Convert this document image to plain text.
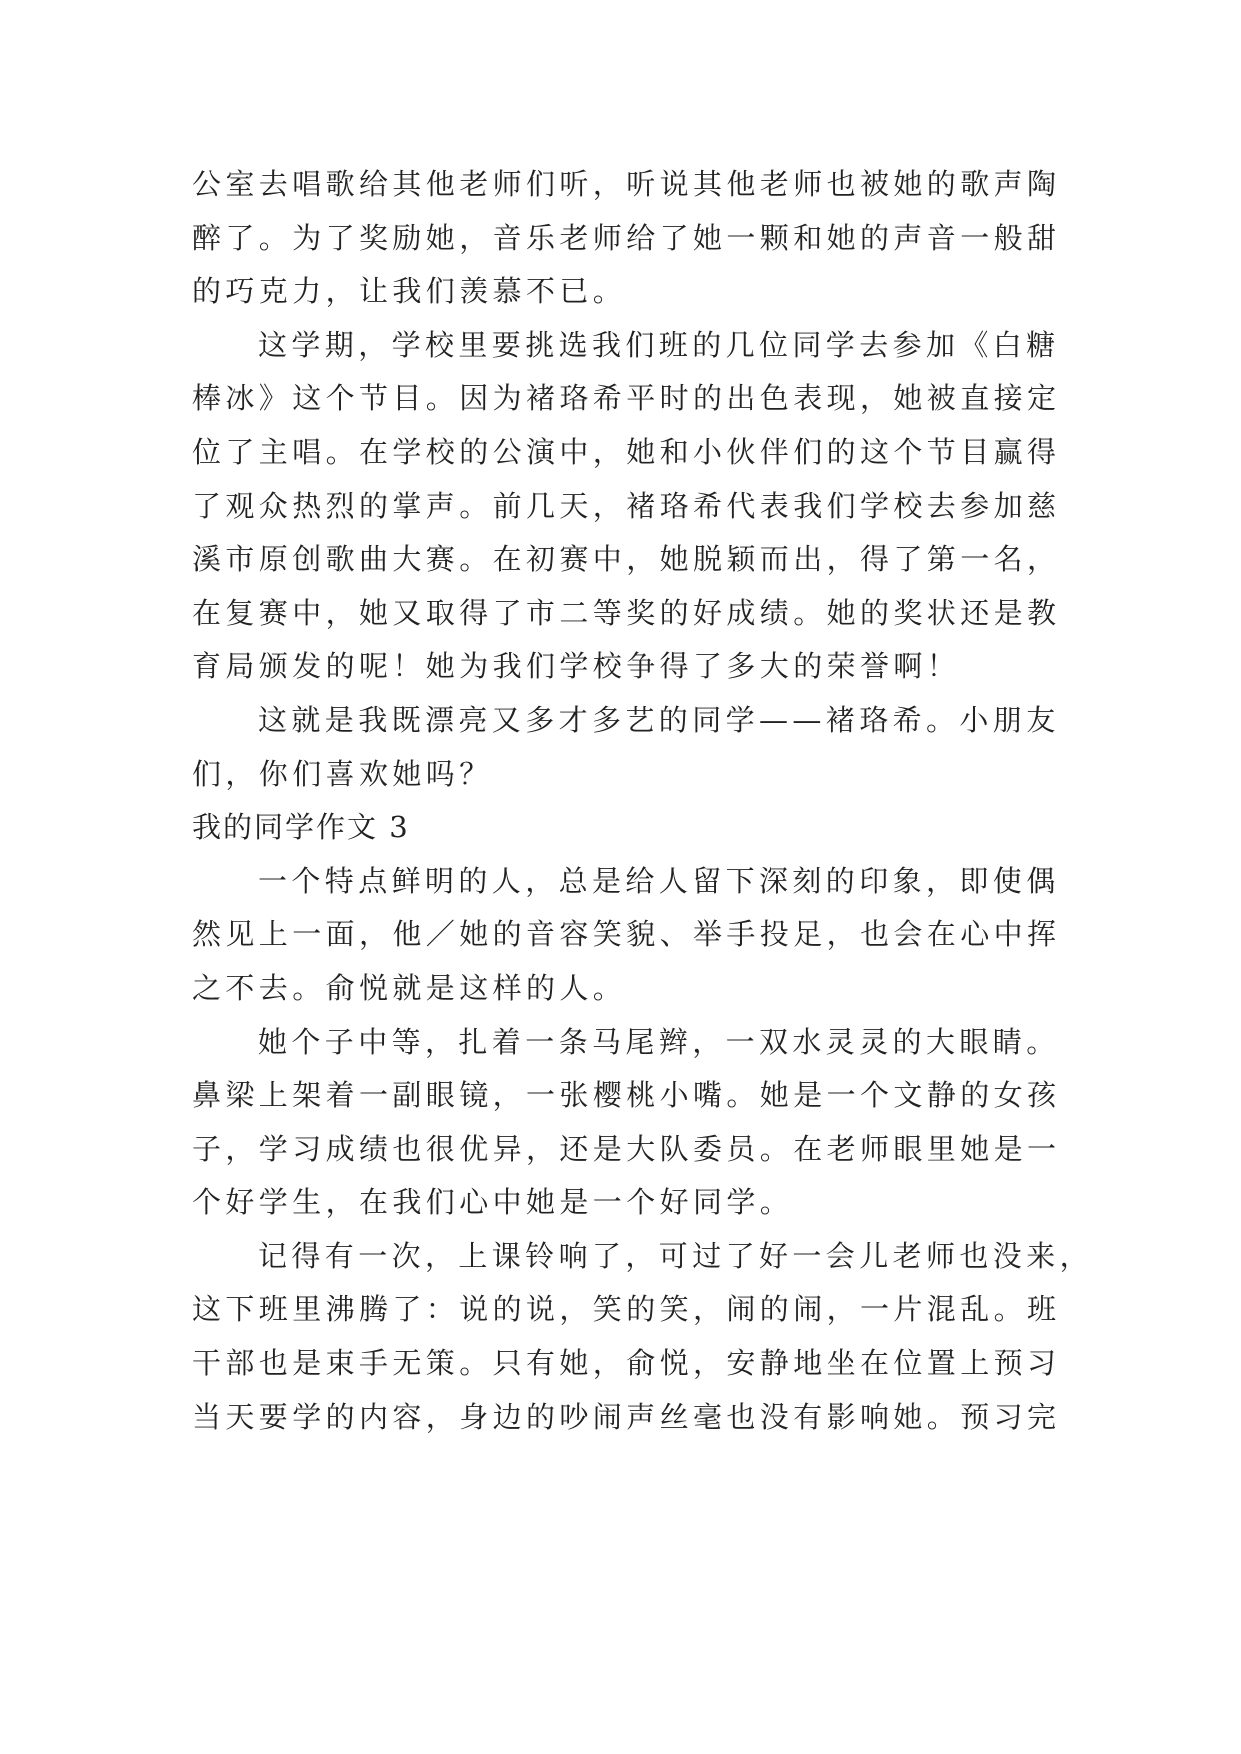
公室去唱歌给其他老师们听，听说其他老师也被她的歌声陶
醉了。为了奖励她，音乐老师给了她一颗和她的声音一般甜
的巧克力，让我们羡慕不已。
这学期，学校里要挑选我们班的几位同学去参加《白糖
棒冰》这个节目。因为褚珞希平时的出色表现，她被直接定
位了主唱。在学校的公演中，她和小伙伴们的这个节目赢得
了观众热烈的掌声。前几天，褚珞希代表我们学校去参加慈
溪市原创歌曲大赛。在初赛中，她脱颖而出，得了第一名，
在复赛中，她又取得了市二等奖的好成绩。她的奖状还是教
育局颁发的呢！她为我们学校争得了多大的荣誉啊！
这就是我既漂亮又多才多艺的同学——褚珞希。小朋友
们，你们喜欢她吗？
我的同学作文 3
一个特点鲜明的人，总是给人留下深刻的印象，即使偶
然见上一面，他／她的音容笑貌、举手投足，也会在心中挥
之不去。俞悦就是这样的人。
她个子中等，扎着一条马尾辫，一双水灵灵的大眼睛。
鼻梁上架着一副眼镜，一张樱桃小嘴。她是一个文静的女孩
子，学习成绩也很优异，还是大队委员。在老师眼里她是一
个好学生，在我们心中她是一个好同学。
记得有一次，上课铃响了，可过了好一会儿老师也没来，
这下班里沸腾了：说的说，笑的笑，闹的闹，一片混乱。班
干部也是束手无策。只有她，俞悦，安静地坐在位置上预习
当天要学的内容，身边的吵闹声丝毫也没有影响她。预习完
